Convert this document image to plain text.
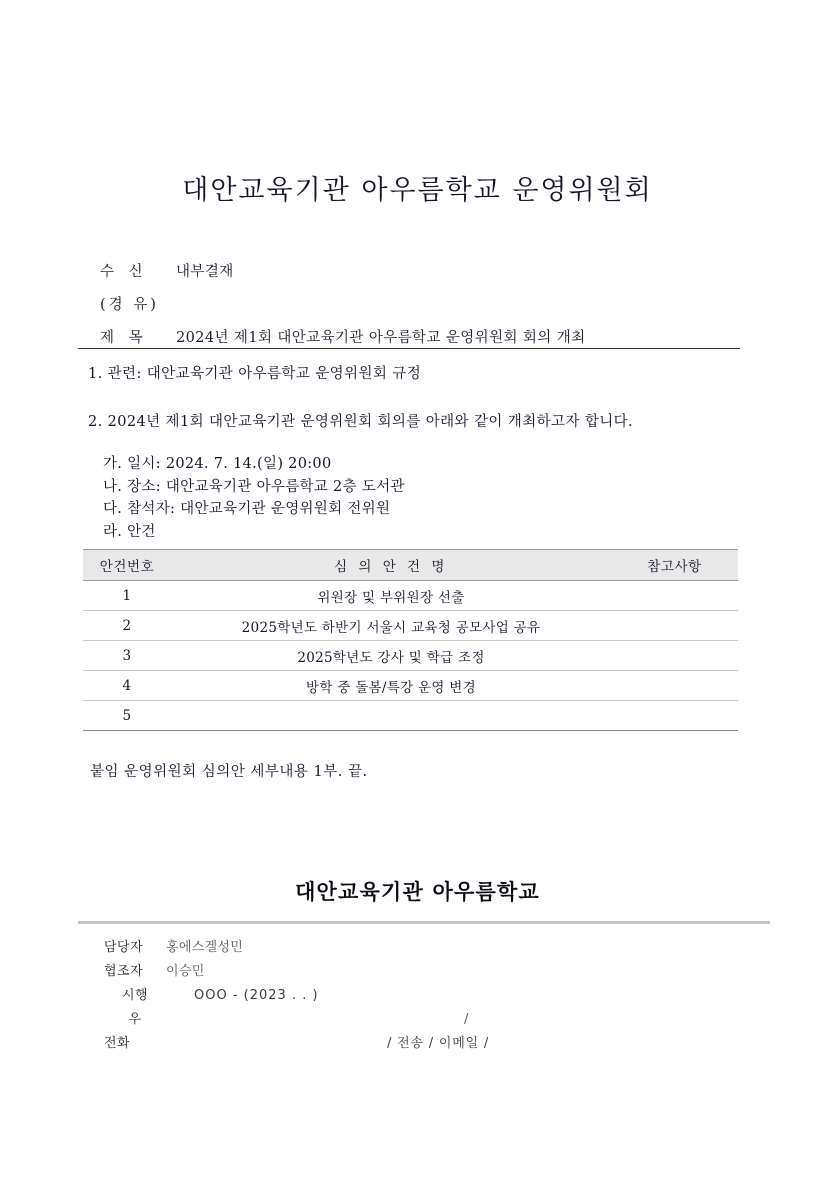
대안교육기관 아우름학교 운영위원회
수 신 내부결재
(경 유)
제 목 2024년 제1회 대안교육기관 아우름학교 운영위원회 회의 개최
1. 관련: 대안교육기관 아우름학교 운영위원회 규정
2. 2024년 제1회 대안교육기관 운영위원회 회의를 아래와 같이 개최하고자 합니다.
가. 일시: 2024. 7. 14.(일) 20:00
나. 장소: 대안교육기관 아우름학교 2층 도서관
다. 참석자: 대안교육기관 운영위원회 전위원
라. 안건
안건번호	심 의 안 건 명	참고사항
1	위원장 및 부위원장 선출	
2	2025학년도 하반기 서울시 교육청 공모사업 공유	
3	2025학년도 강사 및 학급 조정	
4	방학 중 돌봄/특강 운영 변경	
5		
붙임 운영위원회 심의안 세부내용 1부. 끝.
대안교육기관 아우름학교
담당자 홍에스겔성민
협조자 이승민
시행	OOO - (2023 . . )
우	/
전화	/ 전송 / 이메일 /
